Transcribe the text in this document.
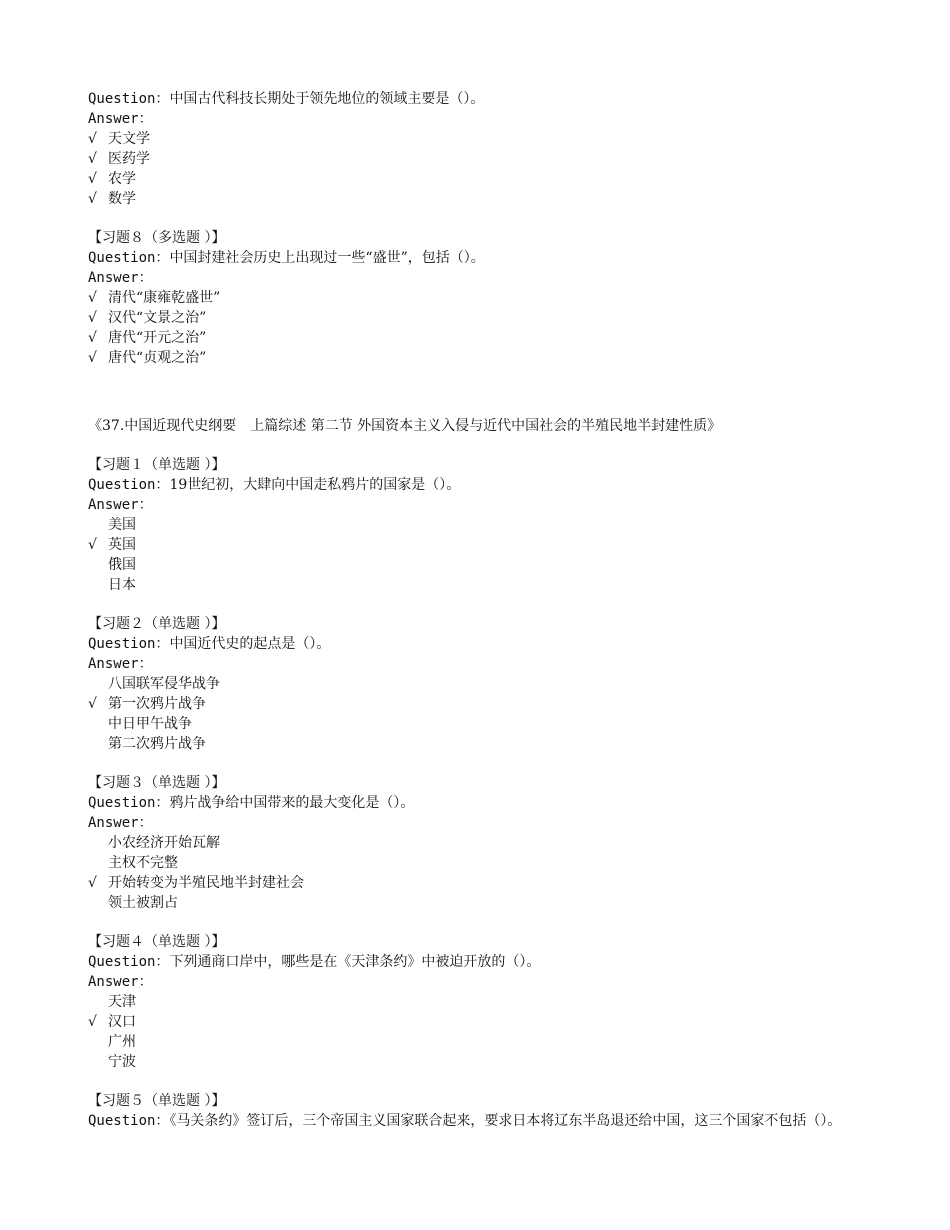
Question：中国古代科技长期处于领先地位的领域主要是（）。
Answer：
√ 天文学
√ 医药学
√ 农学
√ 数学
【习题８（多选题 ）】
Question：中国封建社会历史上出现过一些“盛世”，包括（）。
Answer：
√ 清代“康雍乾盛世”
√ 汉代“文景之治”
√ 唐代“开元之治”
√ 唐代“贞观之治”
《37.中国近现代史纲要　上篇综述 第二节 外国资本主义入侵与近代中国社会的半殖民地半封建性质》
【习题１（单选题 ）】
Question：19世纪初，大肆向中国走私鸦片的国家是（）。
Answer：
美国
√ 英国
俄国
日本
【习题２（单选题 ）】
Question：中国近代史的起点是（）。
Answer：
八国联军侵华战争
√ 第一次鸦片战争
中日甲午战争
第二次鸦片战争
【习题３（单选题 ）】
Question：鸦片战争给中国带来的最大变化是（）。
Answer：
小农经济开始瓦解
主权不完整
√ 开始转变为半殖民地半封建社会
领土被割占
【习题４（单选题 ）】
Question：下列通商口岸中，哪些是在《天津条约》中被迫开放的（）。
Answer：
天津
√ 汉口
广州
宁波
【习题５（单选题 ）】
Question：《马关条约》签订后，三个帝国主义国家联合起来，要求日本将辽东半岛退还给中国，这三个国家不包括（）。
